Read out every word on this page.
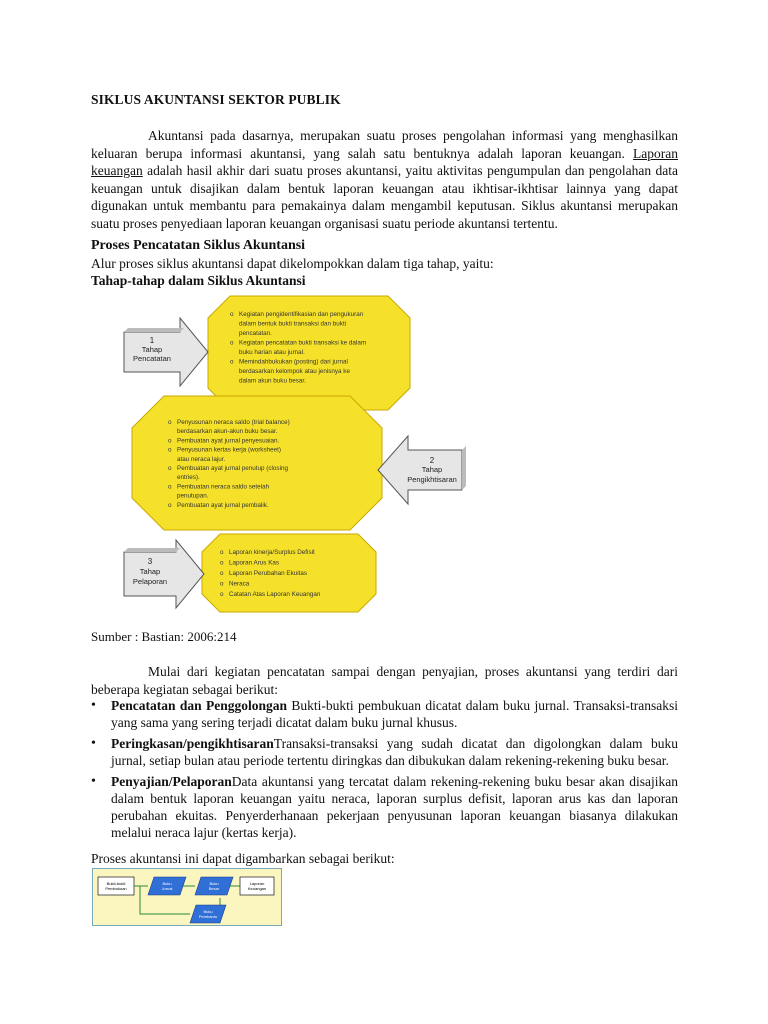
SIKLUS AKUNTANSI SEKTOR PUBLIK
Akuntansi pada dasarnya, merupakan suatu proses pengolahan informasi yang menghasilkan keluaran berupa informasi akuntansi, yang salah satu bentuknya adalah laporan keuangan. Laporan keuangan adalah hasil akhir dari suatu proses akuntansi, yaitu aktivitas pengumpulan dan pengolahan data keuangan untuk disajikan dalam bentuk laporan keuangan atau ikhtisar-ikhtisar lainnya yang dapat digunakan untuk membantu para pemakainya dalam mengambil keputusan. Siklus akuntansi merupakan suatu proses penyediaan laporan keuangan organisasi suatu periode akuntansi tertentu.
Proses Pencatatan Siklus Akuntansi
Alur proses siklus akuntansi dapat dikelompokkan dalam tiga tahap, yaitu:
Tahap-tahap dalam Siklus Akuntansi
1
Tahap
Pencatatan
o Kegiatan pengidentifikasian dan pengukuran
dalam bentuk bukti transaksi dan bukti
pencatatan.
o Kegiatan pencatatan bukti transaksi ke dalam
buku harian atau jurnal.
o Memindahbukukan (posting) dari jurnal
berdasarkan kelompok atau jenisnya ke
dalam akun buku besar.
2
Tahap
Pengikhtisaran
o Penyusunan neraca saldo (trial balance)
berdasarkan akun-akun buku besar.
o Pembuatan ayat jurnal penyesuaian.
o Penyusunan kertas kerja (worksheet)
atau neraca lajur.
o Pembuatan ayat jurnal penutup (closing
entries).
o Pembuatan neraca saldo setelah
penutupan.
o Pembuatan ayat jurnal pembalik.
3
Tahap
Pelaporan
o Laporan kinerja/Surplus Defisit
o Laporan Arus Kas
o Laporan Perubahan Ekuitas
o Neraca
o Catatan Atas Laporan Keuangan
Sumber : Bastian: 2006:214
Mulai dari kegiatan pencatatan sampai dengan penyajian, proses akuntansi yang terdiri dari beberapa kegiatan sebagai berikut:
• Pencatatan dan Penggolongan Bukti-bukti pembukuan dicatat dalam buku jurnal. Transaksi-transaksi yang sama yang sering terjadi dicatat dalam buku jurnal khusus.
• Peringkasan/pengikhtisaranTransaksi-transaksi yang sudah dicatat dan digolongkan dalam buku jurnal, setiap bulan atau periode tertentu diringkas dan dibukukan dalam rekening-rekening buku besar.
• Penyajian/PelaporanData akuntansi yang tercatat dalam rekening-rekening buku besar akan disajikan dalam bentuk laporan keuangan yaitu neraca, laporan surplus defisit, laporan arus kas dan laporan perubahan ekuitas. Penyerderhanaan pekerjaan penyusunan laporan keuangan biasanya dilakukan melalui neraca lajur (kertas kerja).
Proses akuntansi ini dapat digambarkan sebagai berikut:
Bukti-bukti
Pembukuan
Buku
Jurnal
Buku
Besar
Laporan
Keuangan
Buku
Pembantu
